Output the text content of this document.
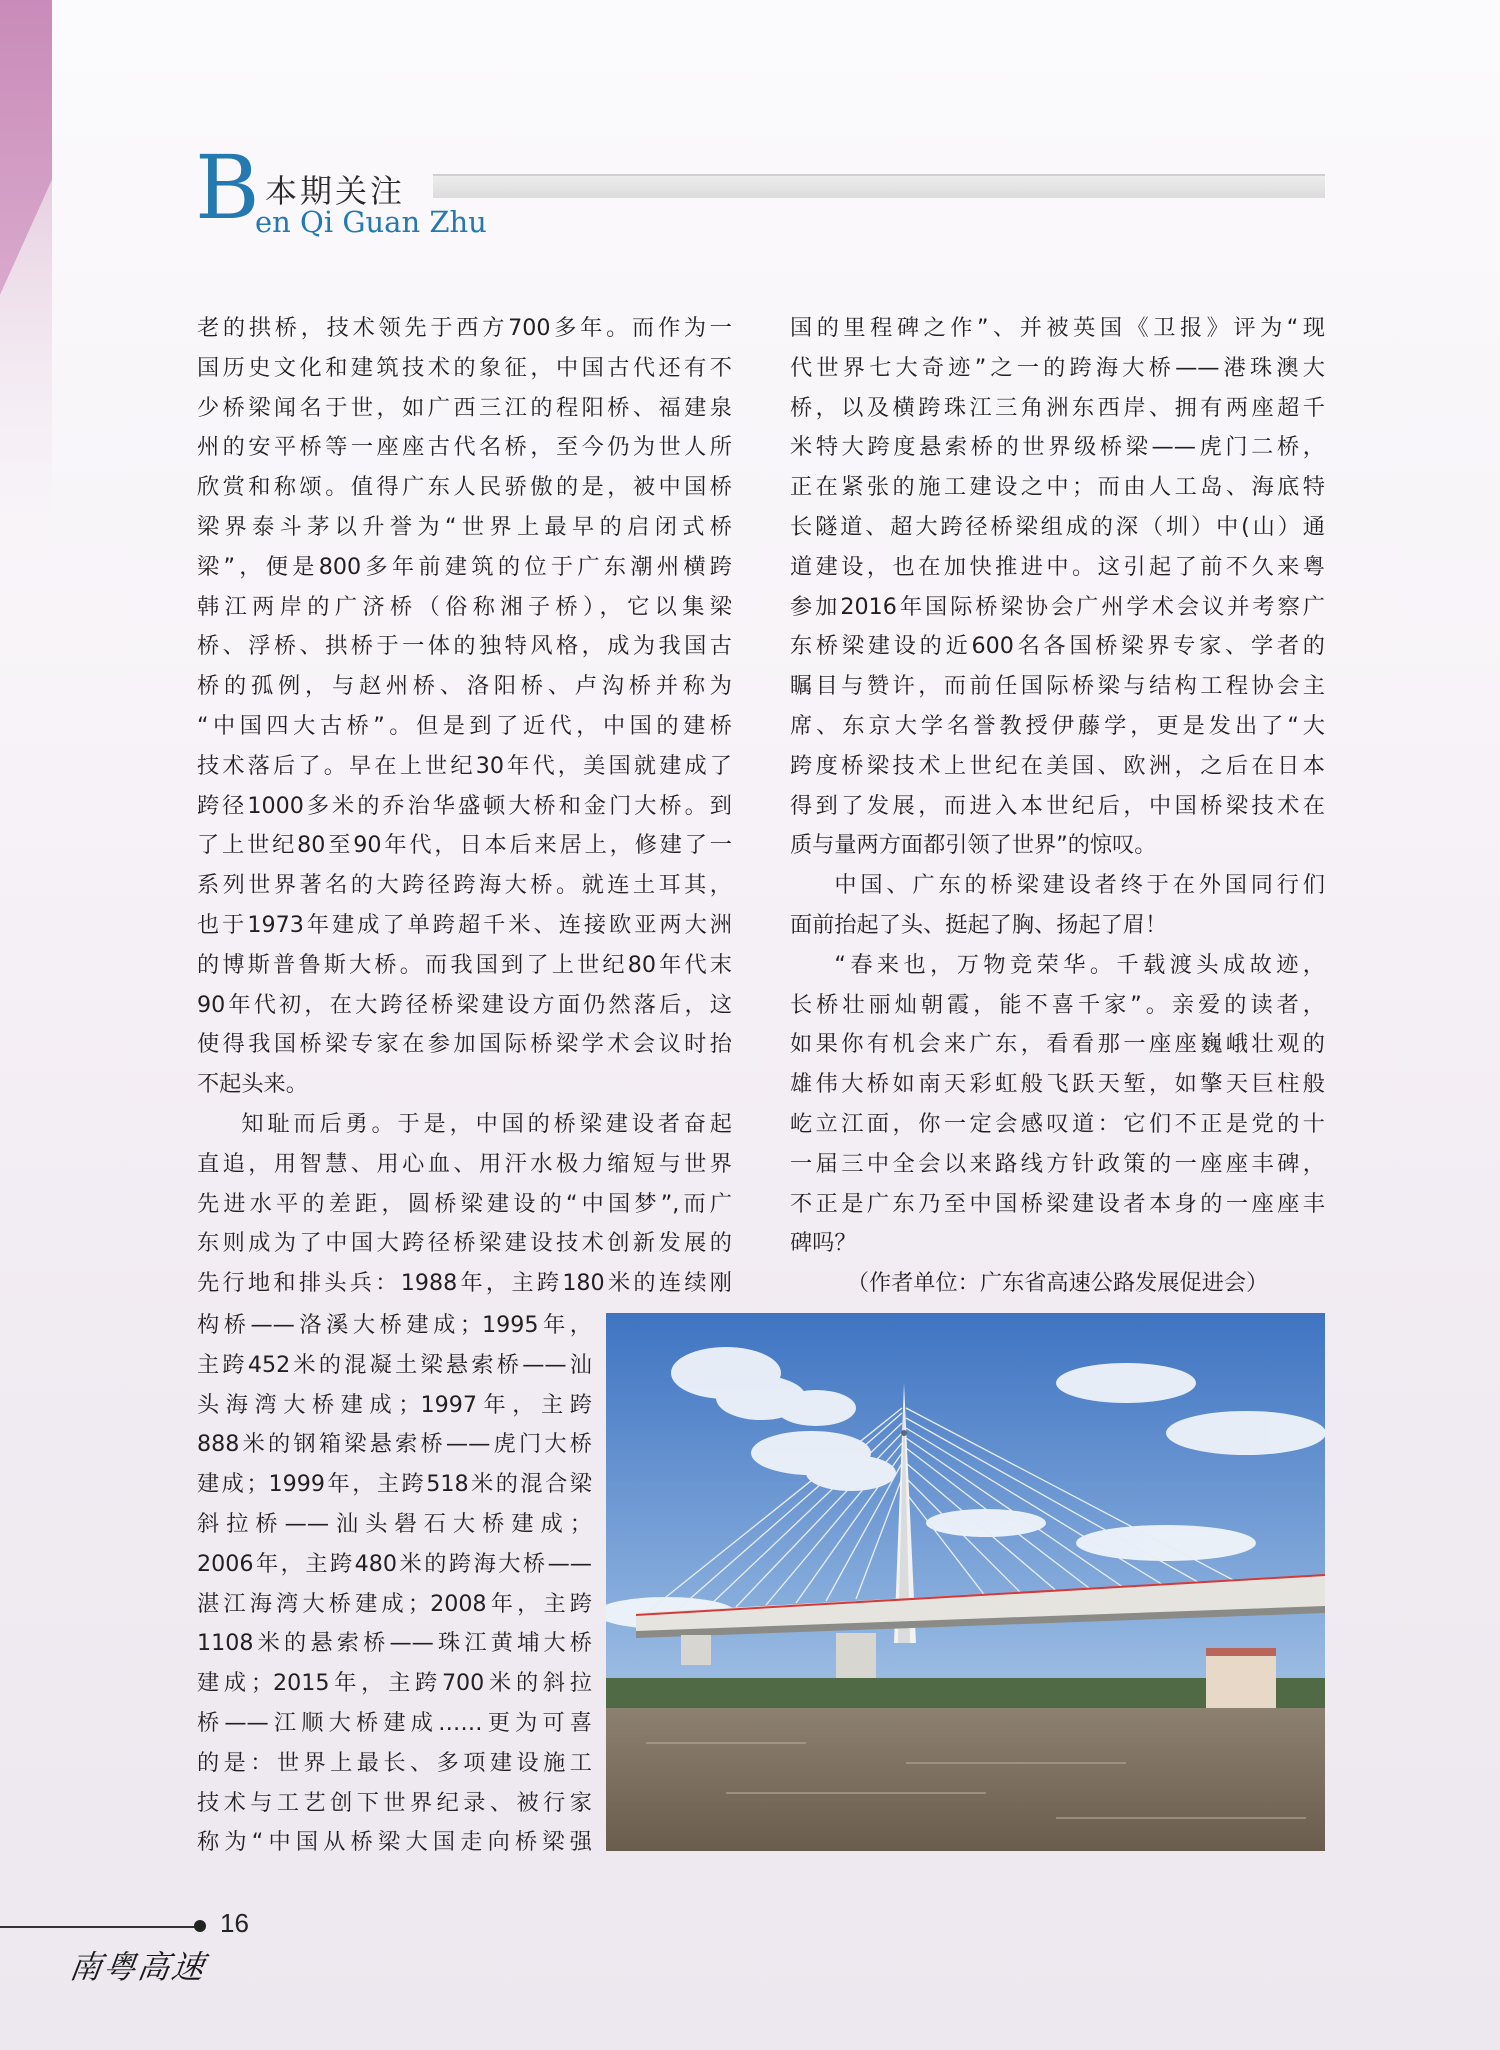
B 本期关注
en Qi Guan Zhu

老的拱桥，技术领先于西方700多年。而作为一

国历史文化和建筑技术的象征，中国古代还有不

少桥梁闻名于世，如广西三江的程阳桥、福建泉

州的安平桥等一座座古代名桥，至今仍为世人所

欣赏和称颂。值得广东人民骄傲的是，被中国桥

梁界泰斗茅以升誉为“世界上最早的启闭式桥

梁”，便是800多年前建筑的位于广东潮州横跨

韩江两岸的广济桥（俗称湘子桥），它以集梁

桥、浮桥、拱桥于一体的独特风格，成为我国古

桥的孤例，与赵州桥、洛阳桥、卢沟桥并称为

“中国四大古桥”。但是到了近代，中国的建桥

技术落后了。早在上世纪30年代，美国就建成了

跨径1000多米的乔治华盛顿大桥和金门大桥。到

了上世纪80至90年代，日本后来居上，修建了一

系列世界著名的大跨径跨海大桥。就连土耳其，

也于1973年建成了单跨超千米、连接欧亚两大洲

的博斯普鲁斯大桥。而我国到了上世纪80年代末

90年代初，在大跨径桥梁建设方面仍然落后，这

使得我国桥梁专家在参加国际桥梁学术会议时抬

不起头来。

知耻而后勇。于是，中国的桥梁建设者奋起

直追，用智慧、用心血、用汗水极力缩短与世界

先进水平的差距，圆桥梁建设的“中国梦”,而广

东则成为了中国大跨径桥梁建设技术创新发展的

先行地和排头兵：1988年，主跨180米的连续刚

构桥——洛溪大桥建成；1995年，

主跨452米的混凝土梁悬索桥——汕

头海湾大桥建成；1997年，主跨

888米的钢箱梁悬索桥——虎门大桥

建成；1999年，主跨518米的混合梁

斜拉桥——汕头礐石大桥建成；

2006年，主跨480米的跨海大桥——

湛江海湾大桥建成；2008年，主跨

1108米的悬索桥——珠江黄埔大桥

建成；2015年，主跨700米的斜拉

桥——江顺大桥建成……更为可喜

的是：世界上最长、多项建设施工

技术与工艺创下世界纪录、被行家

称为“中国从桥梁大国走向桥梁强

国的里程碑之作”、并被英国《卫报》评为“现

代世界七大奇迹”之一的跨海大桥——港珠澳大

桥，以及横跨珠江三角洲东西岸、拥有两座超千

米特大跨度悬索桥的世界级桥梁——虎门二桥，

正在紧张的施工建设之中；而由人工岛、海底特

长隧道、超大跨径桥梁组成的深（圳）中(山）通

道建设，也在加快推进中。这引起了前不久来粤

参加2016年国际桥梁协会广州学术会议并考察广

东桥梁建设的近600名各国桥梁界专家、学者的

瞩目与赞许，而前任国际桥梁与结构工程协会主

席、东京大学名誉教授伊藤学，更是发出了“大

跨度桥梁技术上世纪在美国、欧洲，之后在日本

得到了发展，而进入本世纪后，中国桥梁技术在

质与量两方面都引领了世界”的惊叹。

中国、广东的桥梁建设者终于在外国同行们

面前抬起了头、挺起了胸、扬起了眉！

“春来也，万物竞荣华。千载渡头成故迹，

长桥壮丽灿朝霞，能不喜千家”。亲爱的读者，

如果你有机会来广东，看看那一座座巍峨壮观的

雄伟大桥如南天彩虹般飞跃天堑，如擎天巨柱般

屹立江面，你一定会感叹道：它们不正是党的十

一届三中全会以来路线方针政策的一座座丰碑，

不正是广东乃至中国桥梁建设者本身的一座座丰

碑吗？

（作者单位：广东省高速公路发展促进会）

16
南粤高速
